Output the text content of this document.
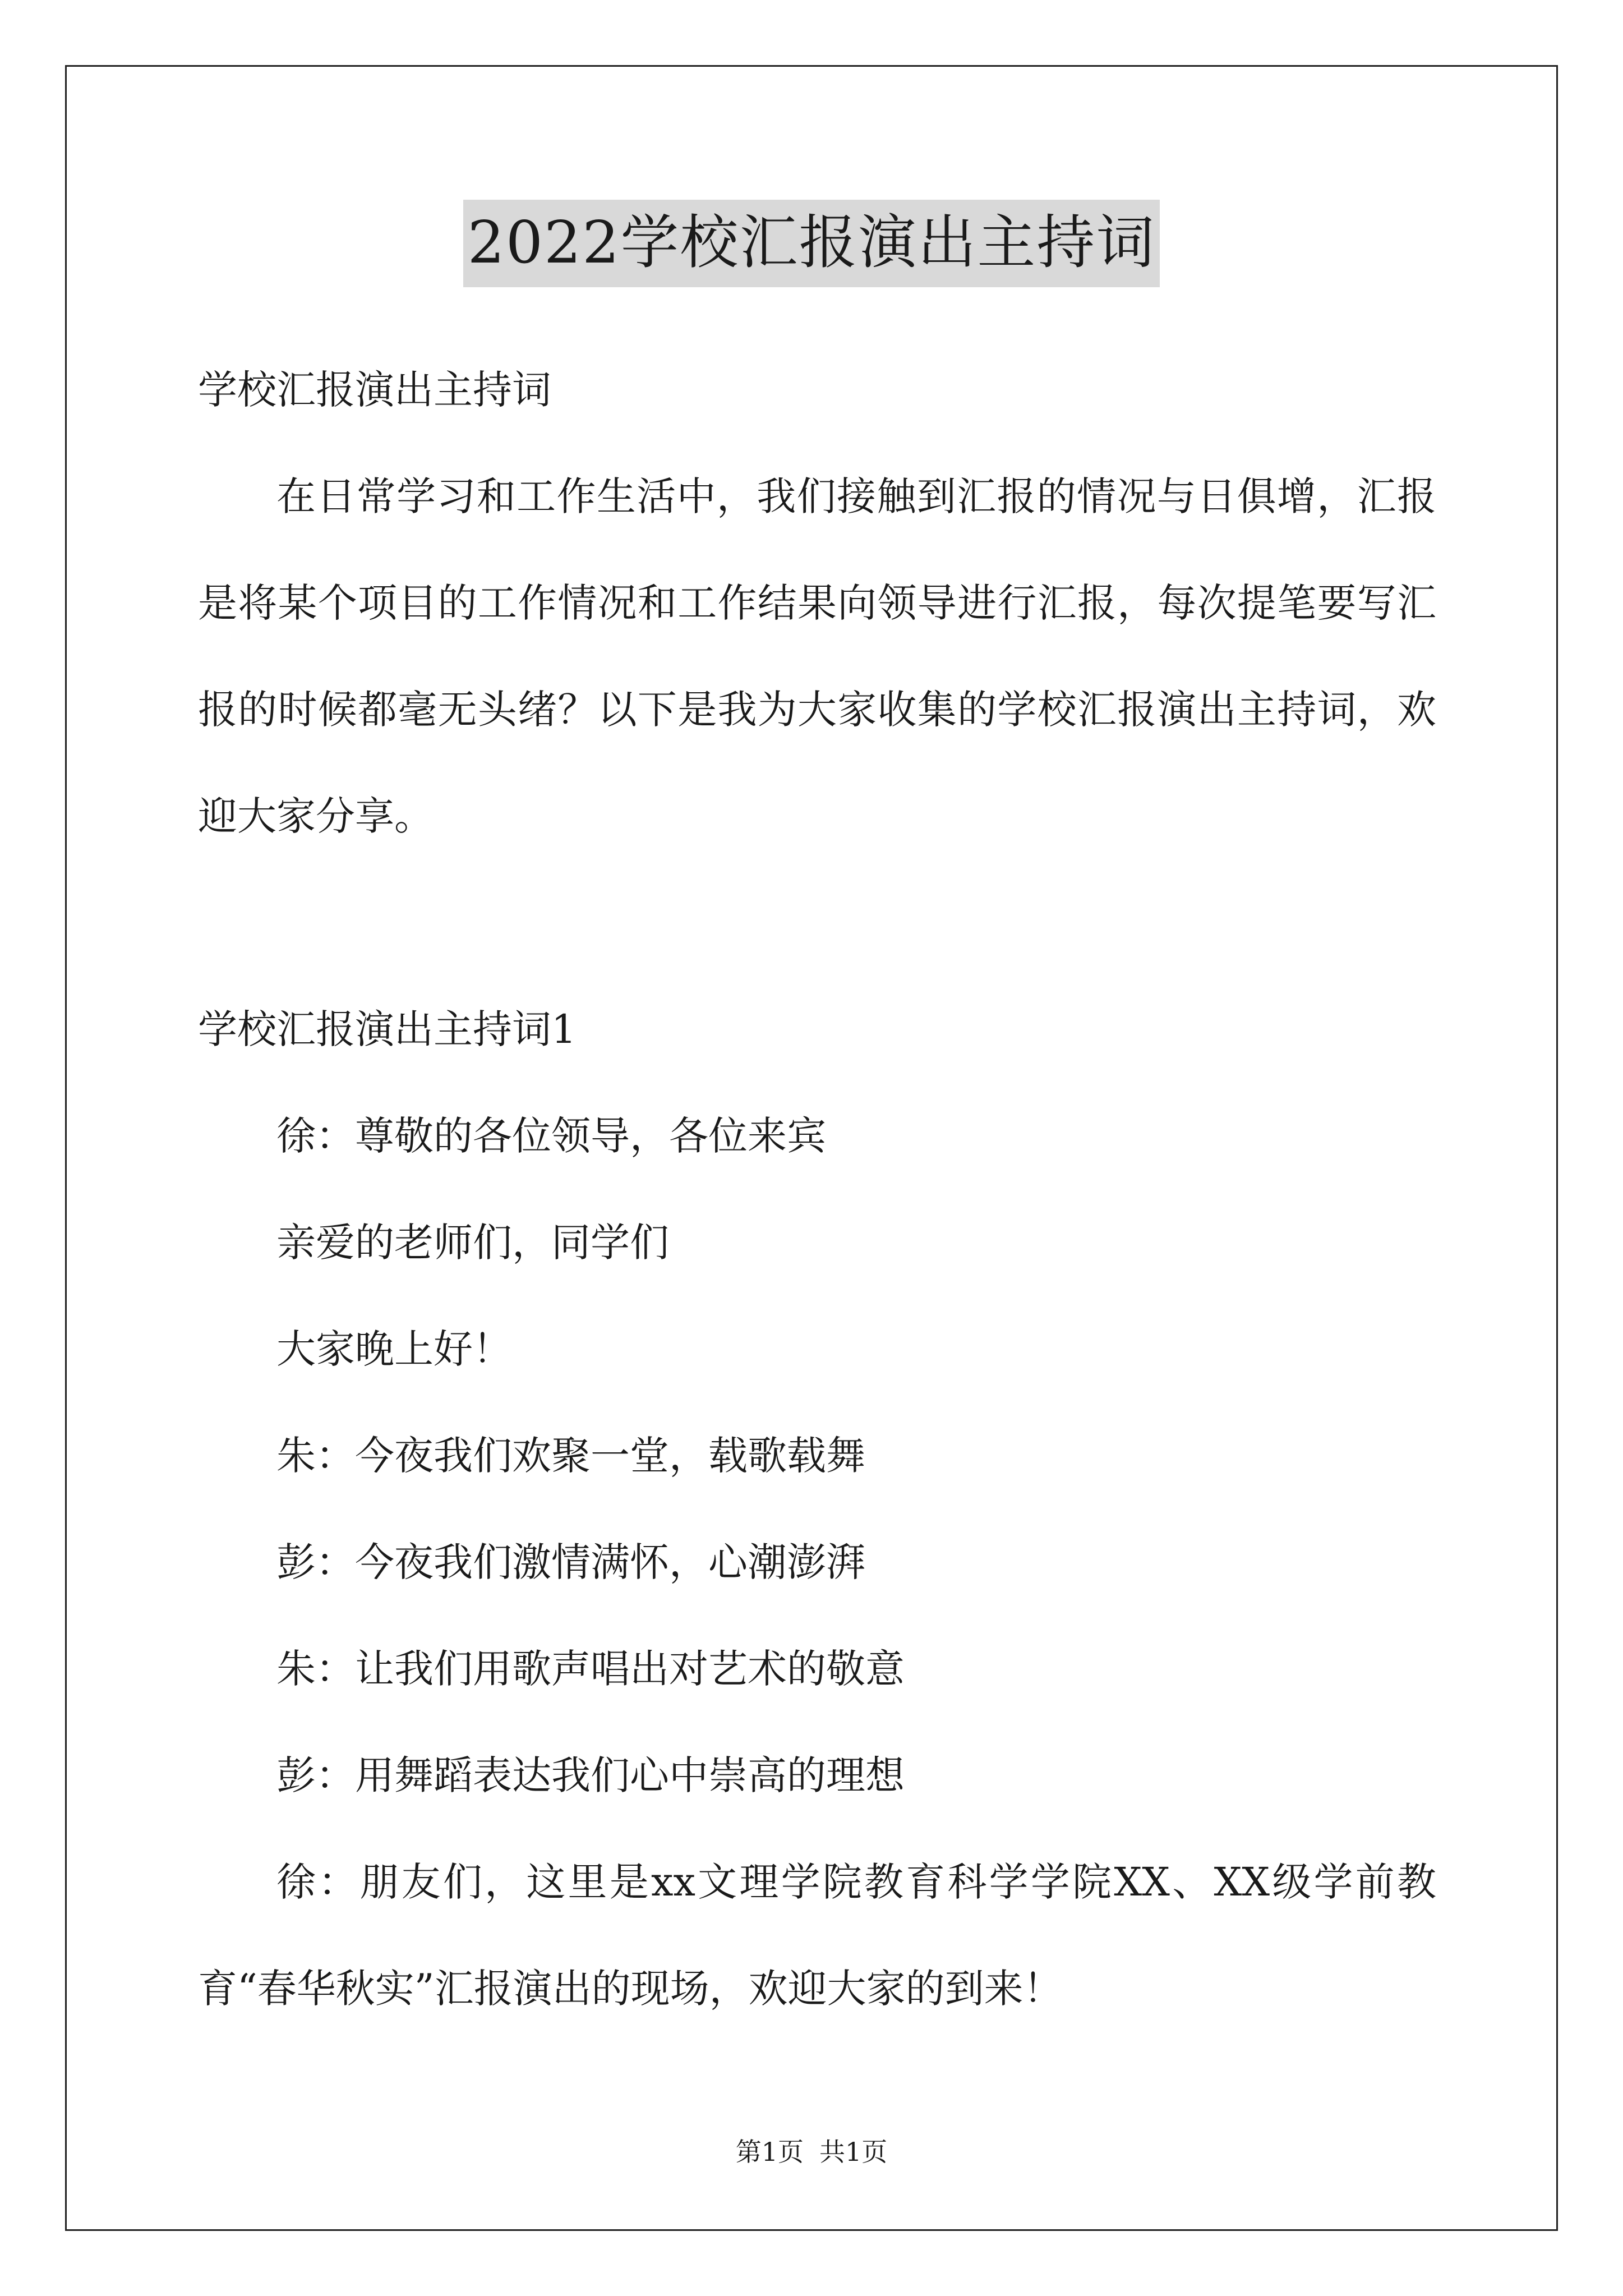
2022学校汇报演出主持词

学校汇报演出主持词

在日常学习和工作生活中，我们接触到汇报的情况与日俱增，汇报是将某个项目的工作情况和工作结果向领导进行汇报，每次提笔要写汇报的时候都毫无头绪？以下是我为大家收集的学校汇报演出主持词，欢迎大家分享。

学校汇报演出主持词1

徐：尊敬的各位领导，各位来宾

亲爱的老师们，同学们

大家晚上好！

朱：今夜我们欢聚一堂，载歌载舞

彭：今夜我们激情满怀，心潮澎湃

朱：让我们用歌声唱出对艺术的敬意

彭：用舞蹈表达我们心中崇高的理想

徐：朋友们，这里是xx文理学院教育科学学院XX、XX级学前教育“春华秋实”汇报演出的现场，欢迎大家的到来！

第1页 共1页
